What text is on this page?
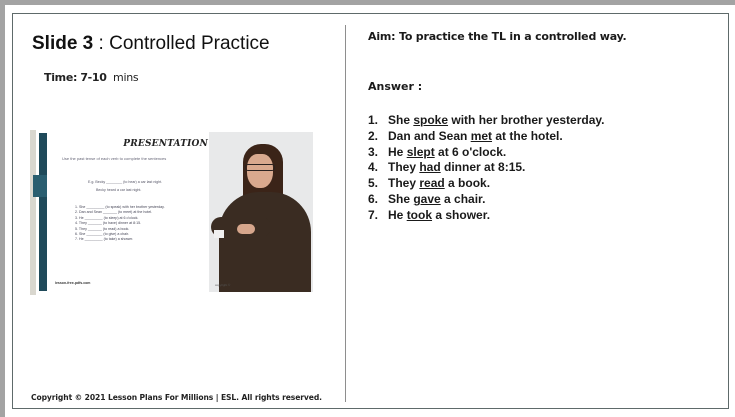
Slide 3 : Controlled Practice
Time: 7-10 mins
PRESENTATION
Use the past tense of each verb to complete the sentences
E.g. Becky ________ (to hear) a car last night.
Becky heard a car last night.
1. She _________ (to speak) with her brother yesterday.
2. Dan and Sean _______ (to meet) at the hotel.
3. He _________ (to sleep) at 6 o'clock.
4. They _______ (to have) dinner at 8:15.
5. They _______ (to read) a book.
6. She ________ (to give) a chair.
7. He _________ (to take) a shower.
lesson-free-pdfs.com	copyright ©
Aim: To practice the TL in a controlled way.
Answer :
1. She spoke with her brother yesterday.
2. Dan and Sean met at the hotel.
3. He slept at 6 o'clock.
4. They had dinner at 8:15.
5. They read a book.
6. She gave a chair.
7. He took a shower.
Copyright © 2021 Lesson Plans For Millions | ESL. All rights reserved.
